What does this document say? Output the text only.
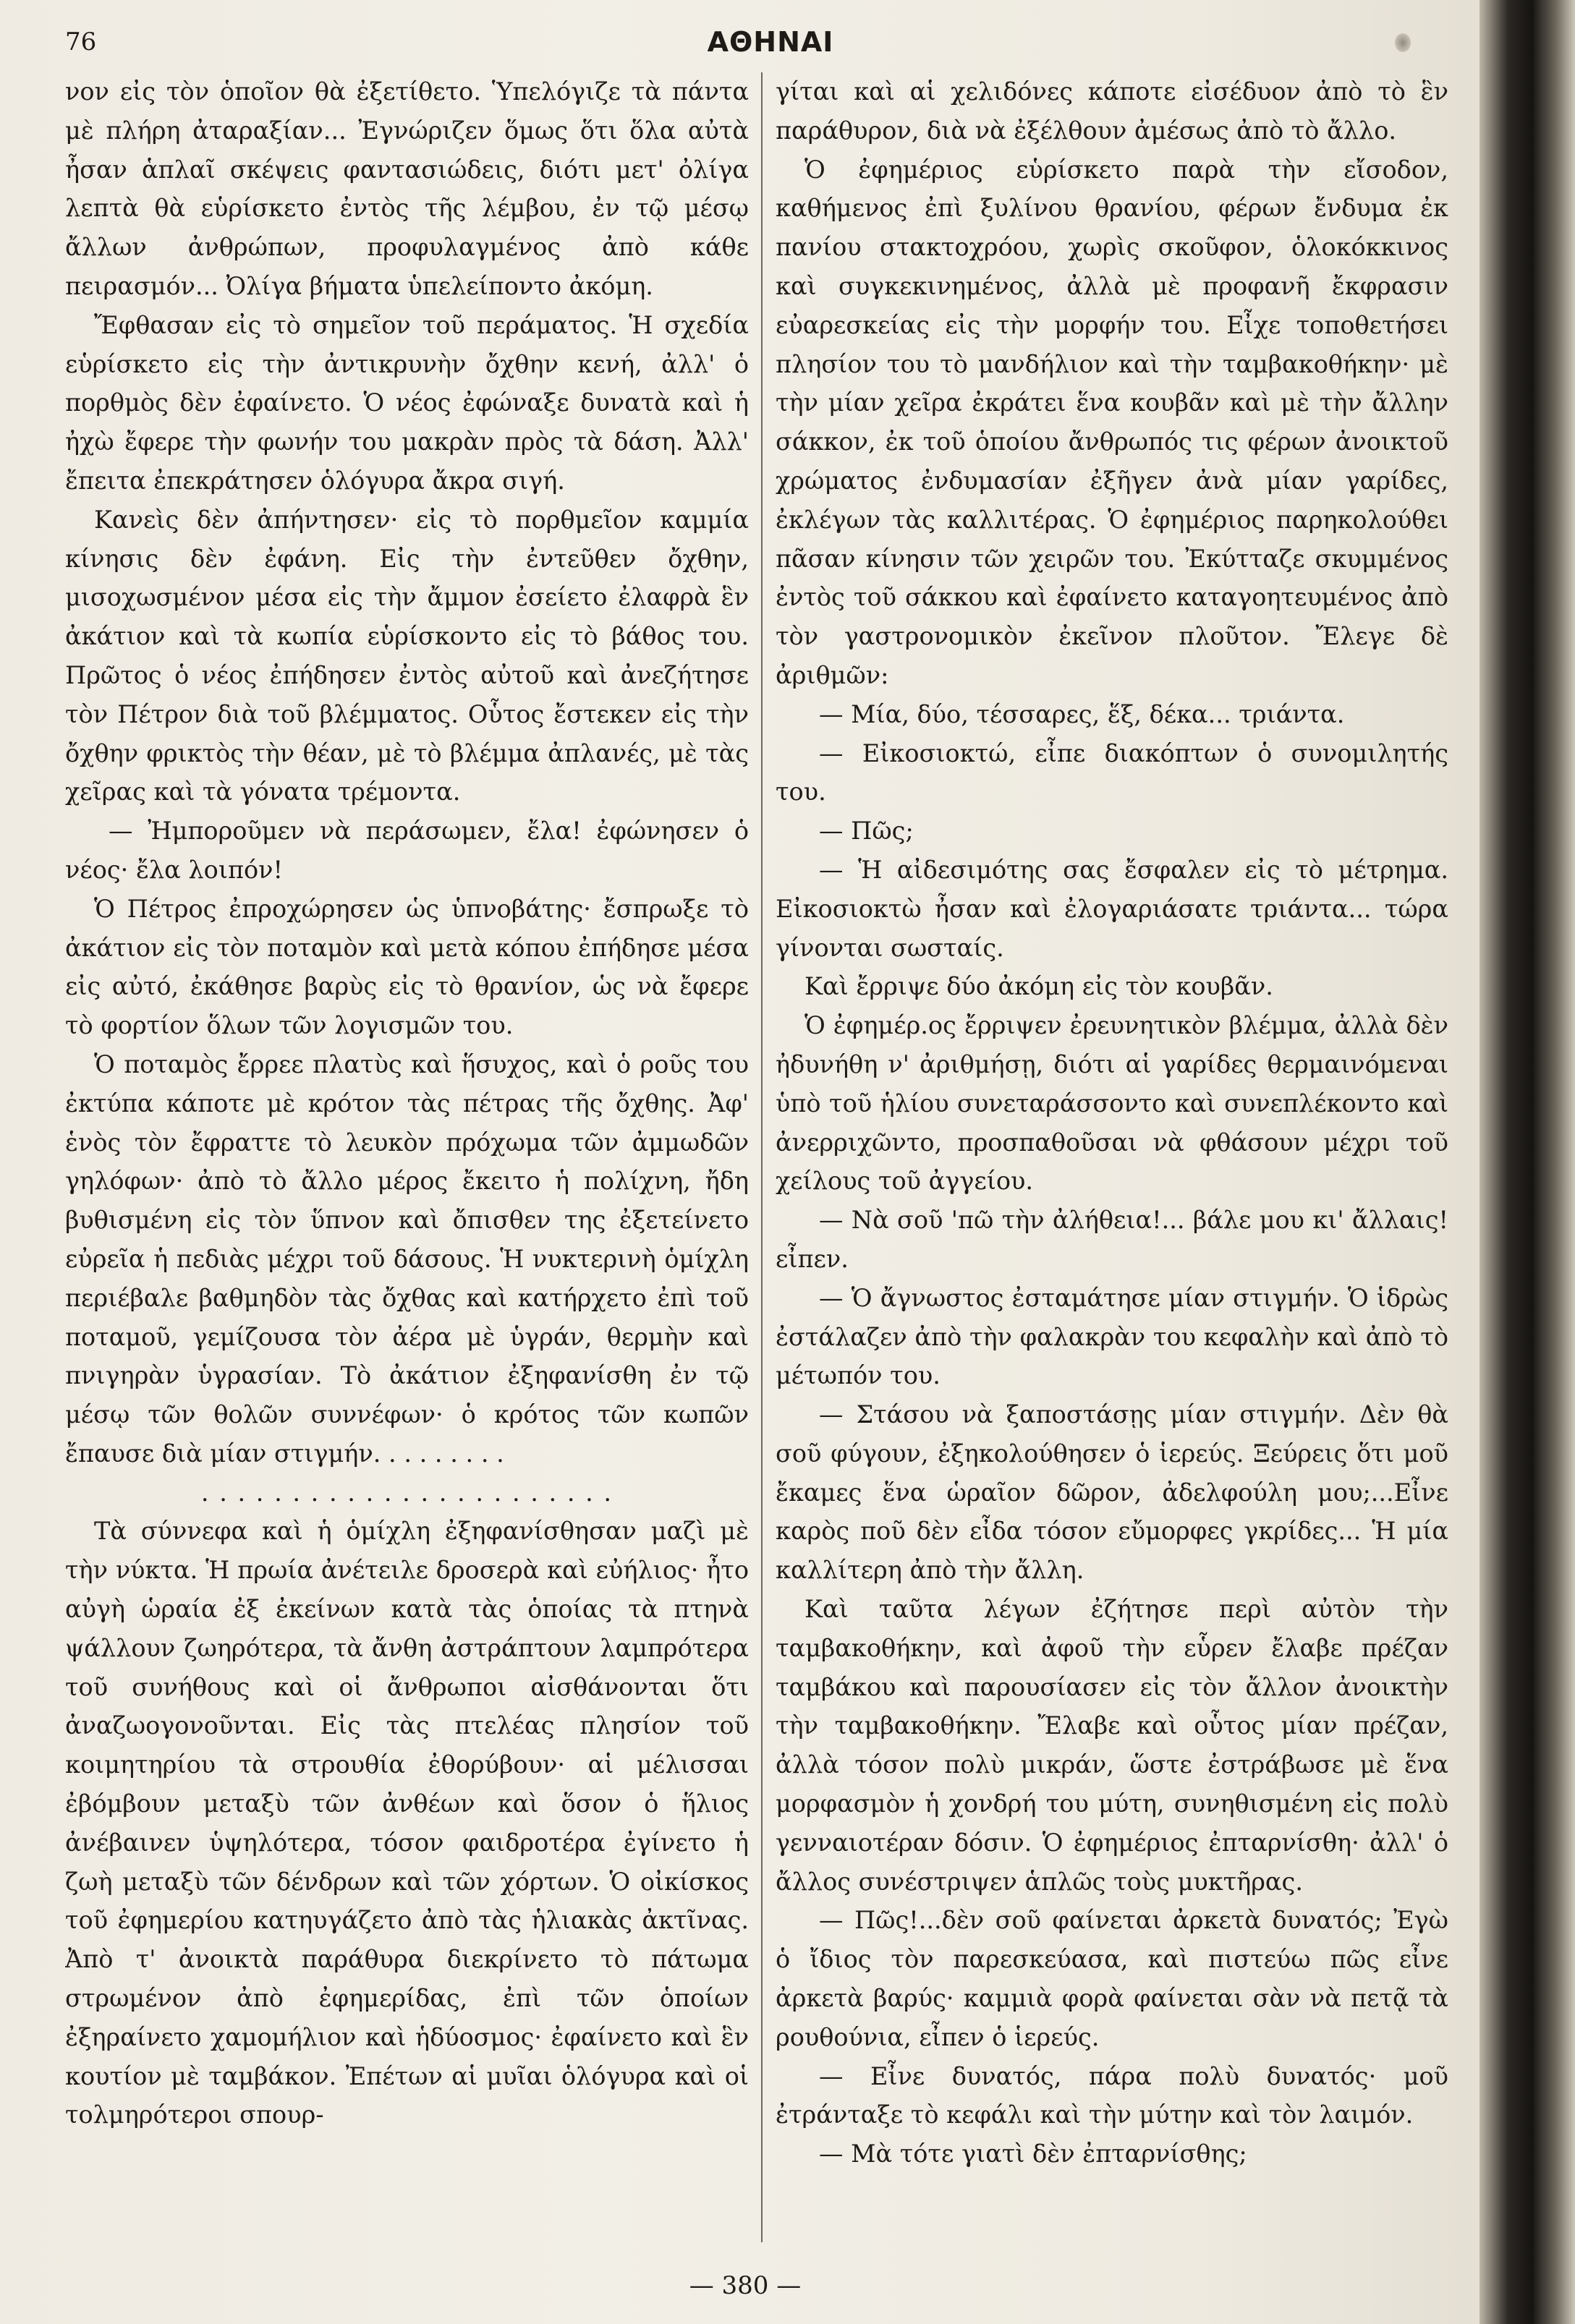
76	ΑΘΗΝΑΙ

νον εἰς τὸν ὁποῖον θὰ ἐξετίθετο. Ὑπελόγιζε τὰ πάντα μὲ πλήρη ἀταραξίαν... Ἐγνώριζεν ὅμως ὅτι ὅλα αὐτὰ ἦσαν ἁπλαῖ σκέψεις φαντασιώδεις, διότι μετ' ὀλίγα λεπτὰ θὰ εὑρίσκετο ἐντὸς τῆς λέμβου, ἐν τῷ μέσῳ ἄλλων ἀνθρώπων, προφυλαγμένος ἀπὸ κάθε πειρασμόν... Ὀλίγα βήματα ὑπελείποντο ἀκόμη.

Ἔφθασαν εἰς τὸ σημεῖον τοῦ περάματος. Ἡ σχεδία εὑρίσκετο εἰς τὴν ἀντικρυνὴν ὄχθην κενή, ἀλλ' ὁ πορθμὸς δὲν ἐφαίνετο. Ὁ νέος ἐφώναξε δυνατὰ καὶ ἡ ἠχὼ ἔφερε τὴν φωνήν του μακρὰν πρὸς τὰ δάση. Ἀλλ' ἔπειτα ἐπεκράτησεν ὁλόγυρα ἄκρα σιγή.

Κανεὶς δὲν ἀπήντησεν· εἰς τὸ πορθμεῖον καμμία κίνησις δὲν ἐφάνη. Εἰς τὴν ἐντεῦθεν ὄχθην, μισοχωσμένον μέσα εἰς τὴν ἄμμον ἐσείετο ἐλαφρὰ ἓν ἀκάτιον καὶ τὰ κωπία εὑρίσκοντο εἰς τὸ βάθος του. Πρῶτος ὁ νέος ἐπήδησεν ἐντὸς αὐτοῦ καὶ ἀνεζήτησε τὸν Πέτρον διὰ τοῦ βλέμματος. Οὗτος ἔστεκεν εἰς τὴν ὄχθην φρικτὸς τὴν θέαν, μὲ τὸ βλέμμα ἀπλανές, μὲ τὰς χεῖρας καὶ τὰ γόνατα τρέμοντα.

— Ἠμποροῦμεν νὰ περάσωμεν, ἔλα! ἐφώνησεν ὁ νέος· ἔλα λοιπόν!

Ὁ Πέτρος ἐπροχώρησεν ὡς ὑπνοβάτης· ἔσπρωξε τὸ ἀκάτιον εἰς τὸν ποταμὸν καὶ μετὰ κόπου ἐπήδησε μέσα εἰς αὐτό, ἐκάθησε βαρὺς εἰς τὸ θρανίον, ὡς νὰ ἔφερε τὸ φορτίον ὅλων τῶν λογισμῶν του.

Ὁ ποταμὸς ἔρρεε πλατὺς καὶ ἥσυχος, καὶ ὁ ροῦς του ἐκτύπα κάποτε μὲ κρότον τὰς πέτρας τῆς ὄχθης. Ἀφ' ἑνὸς τὸν ἔφραττε τὸ λευκὸν πρόχωμα τῶν ἀμμωδῶν γηλόφων· ἀπὸ τὸ ἄλλο μέρος ἔκειτο ἡ πολίχνη, ἤδη βυθισμένη εἰς τὸν ὕπνον καὶ ὄπισθεν της ἐξετείνετο εὐρεῖα ἡ πεδιὰς μέχρι τοῦ δάσους. Ἡ νυκτερινὴ ὁμίχλη περιέβαλε βαθμηδὸν τὰς ὄχθας καὶ κατήρχετο ἐπὶ τοῦ ποταμοῦ, γεμίζουσα τὸν ἀέρα μὲ ὑγράν, θερμὴν καὶ πνιγηρὰν ὑγρασίαν. Τὸ ἀκάτιον ἐξηφανίσθη ἐν τῷ μέσῳ τῶν θολῶν συννέφων· ὁ κρότος τῶν κωπῶν ἔπαυσε διὰ μίαν στιγμήν. . . . . . . . .

. . . . . . . . . . . . . . . . . . . . . . .

Τὰ σύννεφα καὶ ἡ ὁμίχλη ἐξηφανίσθησαν μαζὶ μὲ τὴν νύκτα. Ἡ πρωία ἀνέτειλε δροσερὰ καὶ εὐήλιος· ἦτο αὐγὴ ὡραία ἐξ ἐκείνων κατὰ τὰς ὁποίας τὰ πτηνὰ ψάλλουν ζωηρότερα, τὰ ἄνθη ἀστράπτουν λαμπρότερα τοῦ συνήθους καὶ οἱ ἄνθρωποι αἰσθάνονται ὅτι ἀναζωογονοῦνται. Εἰς τὰς πτελέας πλησίον τοῦ κοιμητηρίου τὰ στρουθία ἐθορύβουν· αἱ μέλισσαι ἐβόμβουν μεταξὺ τῶν ἀνθέων καὶ ὅσον ὁ ἥλιος ἀνέβαινεν ὑψηλότερα, τόσον φαιδροτέρα ἐγίνετο ἡ ζωὴ μεταξὺ τῶν δένδρων καὶ τῶν χόρτων. Ὁ οἰκίσκος τοῦ ἐφημερίου κατηυγάζετο ἀπὸ τὰς ἡλιακὰς ἀκτῖνας. Ἀπὸ τ' ἀνοικτὰ παράθυρα διεκρίνετο τὸ πάτωμα στρωμένον ἀπὸ ἐφημερίδας, ἐπὶ τῶν ὁποίων ἐξηραίνετο χαμομήλιον καὶ ἡδύοσμος· ἐφαίνετο καὶ ἓν κουτίον μὲ ταμβάκον. Ἐπέτων αἱ μυῖαι ὁλόγυρα καὶ οἱ τολμηρότεροι σπουρ-

γίται καὶ αἱ χελιδόνες κάποτε εἰσέδυον ἀπὸ τὸ ἓν παράθυρον, διὰ νὰ ἐξέλθουν ἀμέσως ἀπὸ τὸ ἄλλο.

Ὁ ἐφημέριος εὑρίσκετο παρὰ τὴν εἴσοδον, καθήμενος ἐπὶ ξυλίνου θρανίου, φέρων ἔνδυμα ἐκ πανίου στακτοχρόου, χωρὶς σκοῦφον, ὁλοκόκκινος καὶ συγκεκινημένος, ἀλλὰ μὲ προφανῆ ἔκφρασιν εὐαρεσκείας εἰς τὴν μορφήν του. Εἶχε τοποθετήσει πλησίον του τὸ μανδήλιον καὶ τὴν ταμβακοθήκην· μὲ τὴν μίαν χεῖρα ἐκράτει ἕνα κουβᾶν καὶ μὲ τὴν ἄλλην σάκκον, ἐκ τοῦ ὁποίου ἄνθρωπός τις φέρων ἀνοικτοῦ χρώματος ἐνδυμασίαν ἐξῆγεν ἀνὰ μίαν γαρίδες, ἐκλέγων τὰς καλλιτέρας. Ὁ ἐφημέριος παρηκολούθει πᾶσαν κίνησιν τῶν χειρῶν του. Ἐκύτταζε σκυμμένος ἐντὸς τοῦ σάκκου καὶ ἐφαίνετο καταγοητευμένος ἀπὸ τὸν γαστρονομικὸν ἐκεῖνον πλοῦτον. Ἔλεγε δὲ ἀριθμῶν:

— Μία, δύο, τέσσαρες, ἕξ, δέκα... τριάντα.

— Εἰκοσιοκτώ, εἶπε διακόπτων ὁ συνομιλητής του.

— Πῶς;

— Ἡ αἰδεσιμότης σας ἔσφαλεν εἰς τὸ μέτρημα. Εἰκοσιοκτὼ ἦσαν καὶ ἐλογαριάσατε τριάντα... τώρα γίνονται σωσταίς.

Καὶ ἔρριψε δύο ἀκόμη εἰς τὸν κουβᾶν.

Ὁ ἐφημέρ.ος ἔρριψεν ἐρευνητικὸν βλέμμα, ἀλλὰ δὲν ἠδυνήθη ν' ἀριθμήσῃ, διότι αἱ γαρίδες θερμαινόμεναι ὑπὸ τοῦ ἡλίου συνεταράσσοντο καὶ συνεπλέκοντο καὶ ἀνερριχῶντο, προσπαθοῦσαι νὰ φθάσουν μέχρι τοῦ χείλους τοῦ ἀγγείου.

— Νὰ σοῦ 'πῶ τὴν ἀλήθεια!... βάλε μου κι' ἄλλαις! εἶπεν.

— Ὁ ἄγνωστος ἐσταμάτησε μίαν στιγμήν. Ὁ ἱδρὼς ἐστάλαζεν ἀπὸ τὴν φαλακρὰν του κεφαλὴν καὶ ἀπὸ τὸ μέτωπόν του.

— Στάσου νὰ ξαποστάσῃς μίαν στιγμήν. Δὲν θὰ σοῦ φύγουν, ἐξηκολούθησεν ὁ ἱερεύς. Ξεύρεις ὅτι μοῦ ἔκαμες ἕνα ὡραῖον δῶρον, ἀδελφούλη μου;...Εἶνε καρὸς ποῦ δὲν εἶδα τόσον εὔμορφες γκρίδες... Ἡ μία καλλίτερη ἀπὸ τὴν ἄλλη.

Καὶ ταῦτα λέγων ἐζήτησε περὶ αὐτὸν τὴν ταμβακοθήκην, καὶ ἀφοῦ τὴν εὗρεν ἔλαβε πρέζαν ταμβάκου καὶ παρουσίασεν εἰς τὸν ἄλλον ἀνοικτὴν τὴν ταμβακοθήκην. Ἔλαβε καὶ οὗτος μίαν πρέζαν, ἀλλὰ τόσον πολὺ μικράν, ὥστε ἐστράβωσε μὲ ἕνα μορφασμὸν ἡ χονδρή του μύτη, συνηθισμένη εἰς πολὺ γενναιοτέραν δόσιν. Ὁ ἐφημέριος ἐπταρνίσθη· ἀλλ' ὁ ἄλλος συνέστριψεν ἁπλῶς τοὺς μυκτῆρας.

— Πῶς!...δὲν σοῦ φαίνεται ἀρκετὰ δυνατός; Ἐγὼ ὁ ἴδιος τὸν παρεσκεύασα, καὶ πιστεύω πῶς εἶνε ἀρκετὰ βαρύς· καμμιὰ φορὰ φαίνεται σὰν νὰ πετᾷ τὰ ρουθούνια, εἶπεν ὁ ἱερεύς.

— Εἶνε δυνατός, πάρα πολὺ δυνατός· μοῦ ἐτράνταξε τὸ κεφάλι καὶ τὴν μύτην καὶ τὸν λαιμόν.

— Μὰ τότε γιατὶ δὲν ἐπταρνίσθης;

— 380 —
